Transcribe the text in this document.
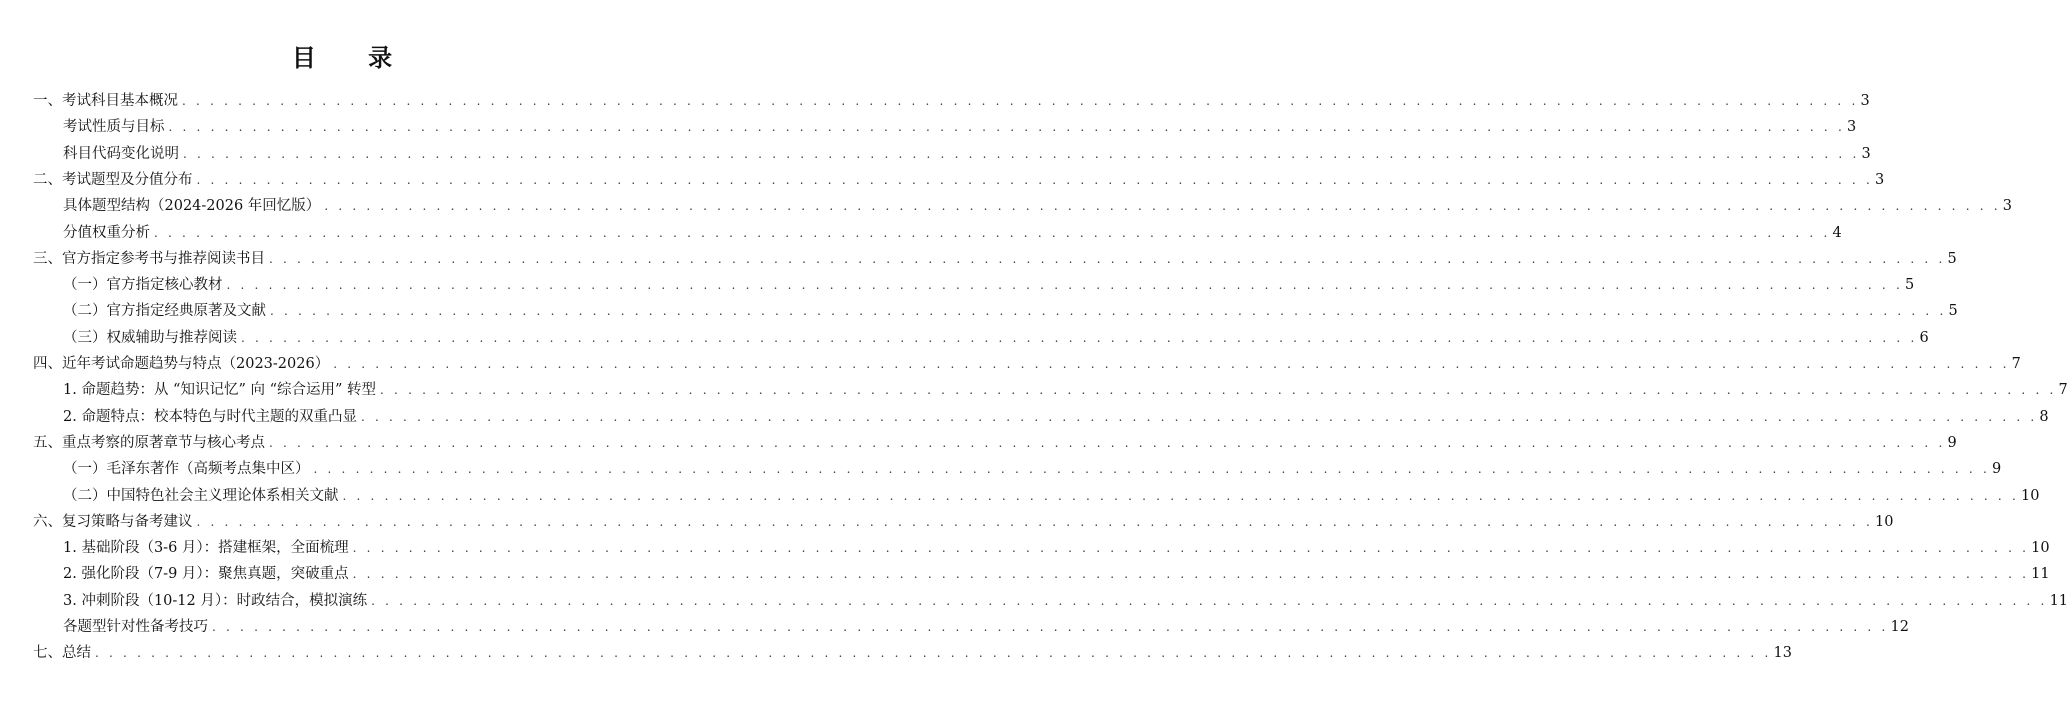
目 录
一、考试科目基本概况 . . . . . . . . . . . . . . . . . . . . . . . . . . . . . . . . . . . . . . . . . . . . . . . . . . . . . . . . . . . . . . . . . . . . . . . . . . . . . . . . . . . . . . . . . . . . . . . . . . . . . . . . . . . . . . . . . . . . . . . . 3
考试性质与目标 . . . . . . . . . . . . . . . . . . . . . . . . . . . . . . . . . . . . . . . . . . . . . . . . . . . . . . . . . . . . . . . . . . . . . . . . . . . . . . . . . . . . . . . . . . . . . . . . . . . . . . . . . . . . . . . . . . . . . . . . 3
科目代码变化说明 . . . . . . . . . . . . . . . . . . . . . . . . . . . . . . . . . . . . . . . . . . . . . . . . . . . . . . . . . . . . . . . . . . . . . . . . . . . . . . . . . . . . . . . . . . . . . . . . . . . . . . . . . . . . . . . . . . . . . . . . 3
二、考试题型及分值分布 . . . . . . . . . . . . . . . . . . . . . . . . . . . . . . . . . . . . . . . . . . . . . . . . . . . . . . . . . . . . . . . . . . . . . . . . . . . . . . . . . . . . . . . . . . . . . . . . . . . . . . . . . . . . . . . . . . . . . . . . 3
具体题型结构（2024-2026 年回忆版） . . . . . . . . . . . . . . . . . . . . . . . . . . . . . . . . . . . . . . . . . . . . . . . . . . . . . . . . . . . . . . . . . . . . . . . . . . . . . . . . . . . . . . . . . . . . . . . . . . . . . . . . . . . . . . . . . . . . . . . . 3
分值权重分析 . . . . . . . . . . . . . . . . . . . . . . . . . . . . . . . . . . . . . . . . . . . . . . . . . . . . . . . . . . . . . . . . . . . . . . . . . . . . . . . . . . . . . . . . . . . . . . . . . . . . . . . . . . . . . . . . . . . . . . . . 4
三、官方指定参考书与推荐阅读书目 . . . . . . . . . . . . . . . . . . . . . . . . . . . . . . . . . . . . . . . . . . . . . . . . . . . . . . . . . . . . . . . . . . . . . . . . . . . . . . . . . . . . . . . . . . . . . . . . . . . . . . . . . . . . . . . . . . . . . . . . 5
（一）官方指定核心教材 . . . . . . . . . . . . . . . . . . . . . . . . . . . . . . . . . . . . . . . . . . . . . . . . . . . . . . . . . . . . . . . . . . . . . . . . . . . . . . . . . . . . . . . . . . . . . . . . . . . . . . . . . . . . . . . . . . . . . . . . 5
（二）官方指定经典原著及文献 . . . . . . . . . . . . . . . . . . . . . . . . . . . . . . . . . . . . . . . . . . . . . . . . . . . . . . . . . . . . . . . . . . . . . . . . . . . . . . . . . . . . . . . . . . . . . . . . . . . . . . . . . . . . . . . . . . . . . . . . 5
（三）权威辅助与推荐阅读 . . . . . . . . . . . . . . . . . . . . . . . . . . . . . . . . . . . . . . . . . . . . . . . . . . . . . . . . . . . . . . . . . . . . . . . . . . . . . . . . . . . . . . . . . . . . . . . . . . . . . . . . . . . . . . . . . . . . . . . . 6
四、近年考试命题趋势与特点（2023-2026） . . . . . . . . . . . . . . . . . . . . . . . . . . . . . . . . . . . . . . . . . . . . . . . . . . . . . . . . . . . . . . . . . . . . . . . . . . . . . . . . . . . . . . . . . . . . . . . . . . . . . . . . . . . . . . . . . . . . . . . . 7
1. 命题趋势：从 “知识记忆” 向 “综合运用” 转型 . . . . . . . . . . . . . . . . . . . . . . . . . . . . . . . . . . . . . . . . . . . . . . . . . . . . . . . . . . . . . . . . . . . . . . . . . . . . . . . . . . . . . . . . . . . . . . . . . . . . . . . . . . . . . . . . . . . . . . . . 7
2. 命题特点：校本特色与时代主题的双重凸显 . . . . . . . . . . . . . . . . . . . . . . . . . . . . . . . . . . . . . . . . . . . . . . . . . . . . . . . . . . . . . . . . . . . . . . . . . . . . . . . . . . . . . . . . . . . . . . . . . . . . . . . . . . . . . . . . . . . . . . . . 8
五、重点考察的原著章节与核心考点 . . . . . . . . . . . . . . . . . . . . . . . . . . . . . . . . . . . . . . . . . . . . . . . . . . . . . . . . . . . . . . . . . . . . . . . . . . . . . . . . . . . . . . . . . . . . . . . . . . . . . . . . . . . . . . . . . . . . . . . . 9
（一）毛泽东著作（高频考点集中区） . . . . . . . . . . . . . . . . . . . . . . . . . . . . . . . . . . . . . . . . . . . . . . . . . . . . . . . . . . . . . . . . . . . . . . . . . . . . . . . . . . . . . . . . . . . . . . . . . . . . . . . . . . . . . . . . . . . . . . . . 9
（二）中国特色社会主义理论体系相关文献 . . . . . . . . . . . . . . . . . . . . . . . . . . . . . . . . . . . . . . . . . . . . . . . . . . . . . . . . . . . . . . . . . . . . . . . . . . . . . . . . . . . . . . . . . . . . . . . . . . . . . . . . . . . . . . . . . . . . . . . . 10
六、复习策略与备考建议 . . . . . . . . . . . . . . . . . . . . . . . . . . . . . . . . . . . . . . . . . . . . . . . . . . . . . . . . . . . . . . . . . . . . . . . . . . . . . . . . . . . . . . . . . . . . . . . . . . . . . . . . . . . . . . . . . . . . . . . . 10
1. 基础阶段（3-6 月）：搭建框架，全面梳理 . . . . . . . . . . . . . . . . . . . . . . . . . . . . . . . . . . . . . . . . . . . . . . . . . . . . . . . . . . . . . . . . . . . . . . . . . . . . . . . . . . . . . . . . . . . . . . . . . . . . . . . . . . . . . . . . . . . . . . . . 10
2. 强化阶段（7-9 月）：聚焦真题，突破重点 . . . . . . . . . . . . . . . . . . . . . . . . . . . . . . . . . . . . . . . . . . . . . . . . . . . . . . . . . . . . . . . . . . . . . . . . . . . . . . . . . . . . . . . . . . . . . . . . . . . . . . . . . . . . . . . . . . . . . . . . 11
3. 冲刺阶段（10-12 月）：时政结合，模拟演练 . . . . . . . . . . . . . . . . . . . . . . . . . . . . . . . . . . . . . . . . . . . . . . . . . . . . . . . . . . . . . . . . . . . . . . . . . . . . . . . . . . . . . . . . . . . . . . . . . . . . . . . . . . . . . . . . . . . . . . . . 11
各题型针对性备考技巧 . . . . . . . . . . . . . . . . . . . . . . . . . . . . . . . . . . . . . . . . . . . . . . . . . . . . . . . . . . . . . . . . . . . . . . . . . . . . . . . . . . . . . . . . . . . . . . . . . . . . . . . . . . . . . . . . . . . . . . . . 12
七、总结 . . . . . . . . . . . . . . . . . . . . . . . . . . . . . . . . . . . . . . . . . . . . . . . . . . . . . . . . . . . . . . . . . . . . . . . . . . . . . . . . . . . . . . . . . . . . . . . . . . . . . . . . . . . . . . . . . . . . . . . . 13
